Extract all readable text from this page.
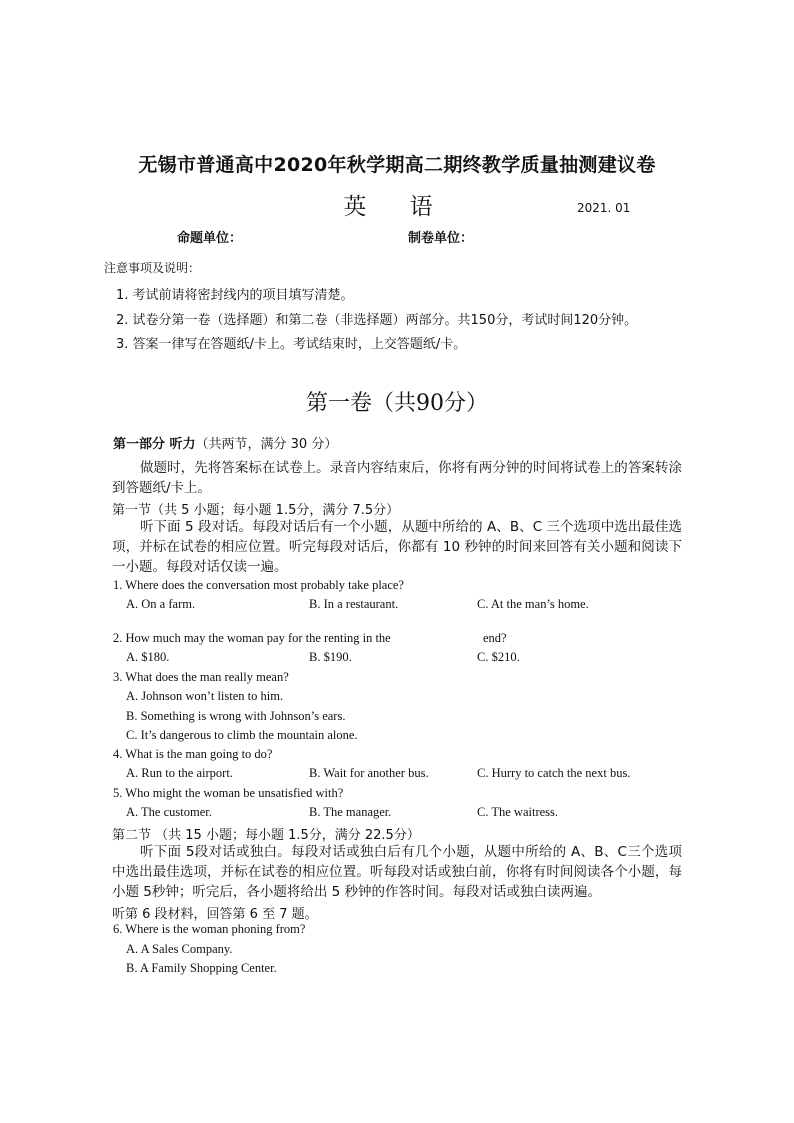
无锡市普通高中2020年秋学期高二期终教学质量抽测建议卷
英 语	2021. 01
命题单位：	制卷单位：
注意事项及说明：
1. 考试前请将密封线内的项目填写清楚。
2. 试卷分第一卷（选择题）和第二卷（非选择题）两部分。共150分，考试时间120分钟。
3. 答案一律写在答题纸/卡上。考试结束时，上交答题纸/卡。
第一卷（共90分）
第一部分 听力（共两节，满分 30 分）
做题时，先将答案标在试卷上。录音内容结束后，你将有两分钟的时间将试卷上的答案转涂到答题纸/卡上。
第一节（共 5 小题；每小题 1.5分，满分 7.5分）
听下面 5 段对话。每段对话后有一个小题，从题中所给的 A、B、C 三个选项中选出最佳选项，并标在试卷的相应位置。听完每段对话后，你都有 10 秒钟的时间来回答有关小题和阅读下一小题。每段对话仅读一遍。
1. Where does the conversation most probably take place?
A. On a farm.	B. In a restaurant.	C. At the man’s home.
2. How much may the woman pay for the renting in the	end?
A. $180.	B. $190.	C. $210.
3. What does the man really mean?
A. Johnson won’t listen to him.
B. Something is wrong with Johnson’s ears.
C. It’s dangerous to climb the mountain alone.
4. What is the man going to do?
A. Run to the airport.	B. Wait for another bus.	C. Hurry to catch the next bus.
5. Who might the woman be unsatisfied with?
A. The customer.	B. The manager.	C. The waitress.
第二节 （共 15 小题；每小题 1.5分，满分 22.5分）
听下面 5段对话或独白。每段对话或独白后有几个小题，从题中所给的 A、B、C三个选项中选出最佳选项，并标在试卷的相应位置。听每段对话或独白前，你将有时间阅读各个小题，每小题 5秒钟；听完后，各小题将给出 5 秒钟的作答时间。每段对话或独白读两遍。
听第 6 段材料，回答第 6 至 7 题。
6. Where is the woman phoning from?
A. A Sales Company.
B. A Family Shopping Center.
